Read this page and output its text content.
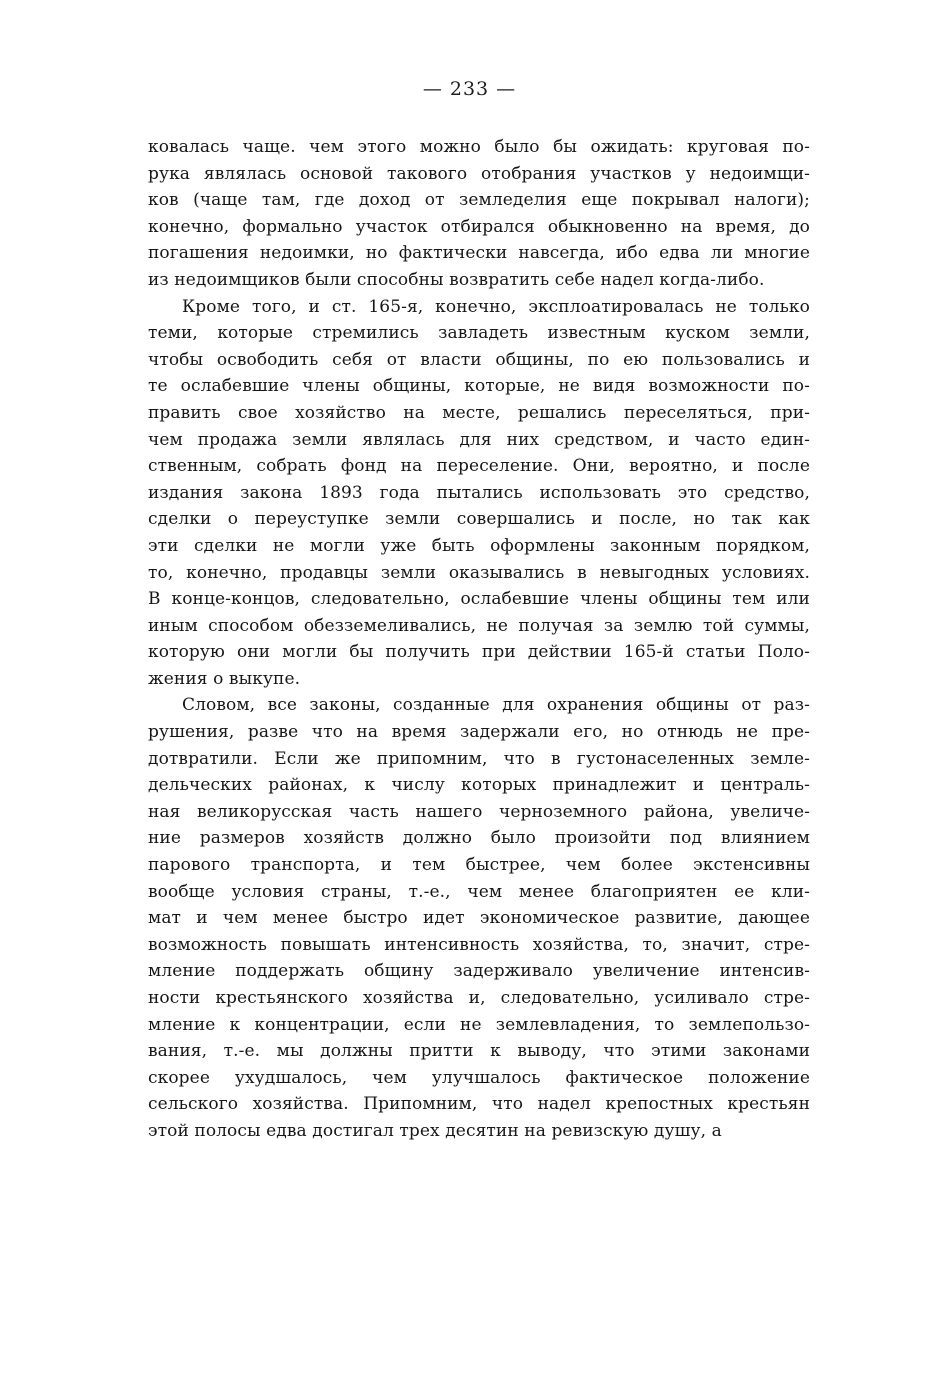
— 233 —
ковалась чаще. чем этого можно было бы ожидать: круговая по-
рука являлась основой такового отобрания участков у недоимщи-
ков (чаще там, где доход от земледелия еще покрывал налоги);
конечно, формально участок отбирался обыкновенно на время, до
погашения недоимки, но фактически навсегда, ибо едва ли многие
из недоимщиков были способны возвратить себе надел когда-либо.
Кроме того, и ст. 165-я, конечно, эксплоатировалась не только
теми, которые стремились завладеть известным куском земли,
чтобы освободить себя от власти общины, по ею пользовались и
те ослабевшие члены общины, которые, не видя возможности по-
править свое хозяйство на месте, решались переселяться, при-
чем продажа земли являлась для них средством, и часто един-
ственным, собрать фонд на переселение. Они, вероятно, и после
издания закона 1893 года пытались использовать это средство,
сделки о переуступке земли совершались и после, но так как
эти сделки не могли уже быть оформлены законным порядком,
то, конечно, продавцы земли оказывались в невыгодных условиях.
В конце-концов, следовательно, ослабевшие члены общины тем или
иным способом обезземеливались, не получая за землю той суммы,
которую они могли бы получить при действии 165-й статьи Поло-
жения о выкупе.
Словом, все законы, созданные для охранения общины от раз-
рушения, разве что на время задержали его, но отнюдь не пре-
дотвратили. Если же припомним, что в густонаселенных земле-
дельческих районах, к числу которых принадлежит и централь-
ная великорусская часть нашего черноземного района, увеличе-
ние размеров хозяйств должно было произойти под влиянием
парового транспорта, и тем быстрее, чем более экстенсивны
вообще условия страны, т.-е., чем менее благоприятен ее кли-
мат и чем менее быстро идет экономическое развитие, дающее
возможность повышать интенсивность хозяйства, то, значит, стре-
мление поддержать общину задерживало увеличение интенсив-
ности крестьянского хозяйства и, следовательно, усиливало стре-
мление к концентрации, если не землевладения, то землепользо-
вания, т.-е. мы должны притти к выводу, что этими законами
скорее ухудшалось, чем улучшалось фактическое положение
сельского хозяйства. Припомним, что надел крепостных крестьян
этой полосы едва достигал трех десятин на ревизскую душу, а
